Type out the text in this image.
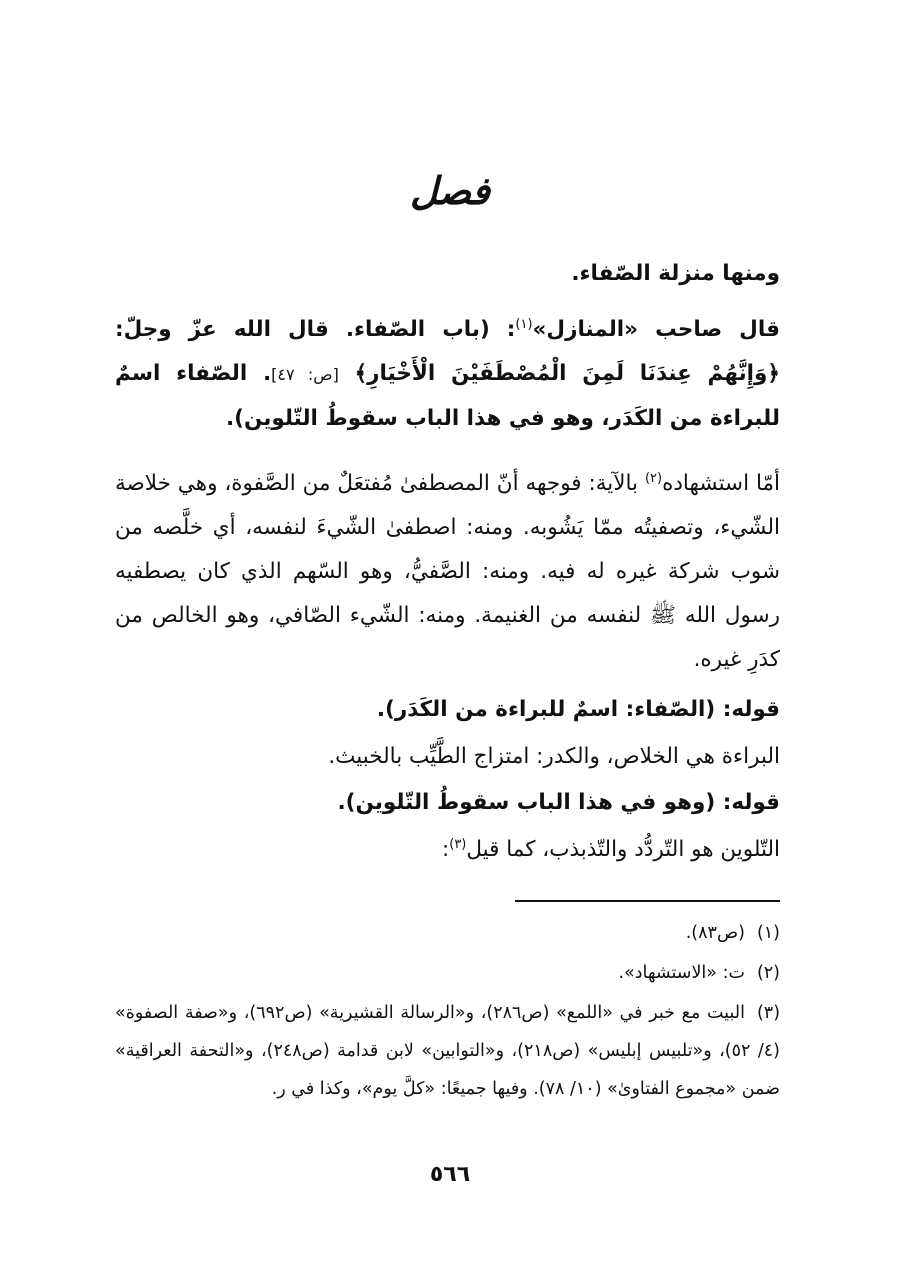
فصل
ومنها منزلة الصّفاء.
قال صاحب «المنازل»$^{(١)}$: (باب الصّفاء. قال الله عزّ وجلّ: ﴿وَإِنَّهُمْ عِندَنَا لَمِنَ الْمُصْطَفَيْنَ الْأَخْيَارِ﴾ [ص: ٤٧]. الصّفاء اسمٌ للبراءة من الكَدَر، وهو في هذا الباب سقوطُ التّلوين).
أمّا استشهاده$^{(٢)}$ بالآية: فوجهه أنّ المصطفىٰ مُفتعَلٌ من الصَّفوة، وهي خلاصة الشّيء، وتصفيتُه ممّا يَشُوبه. ومنه: اصطفىٰ الشّيءَ لنفسه، أي خلَّصه من شوب شركة غيره له فيه. ومنه: الصَّفيُّ، وهو السّهم الذي كان يصطفيه رسول الله ﷺ لنفسه من الغنيمة. ومنه: الشّيء الصّافي، وهو الخالص من كدَرِ غيره.
قوله: (الصّفاء: اسمٌ للبراءة من الكَدَر).
البراءة هي الخلاص، والكدر: امتزاج الطَّيِّب بالخبيث.
قوله: (وهو في هذا الباب سقوطُ التّلوين).
التّلوين هو التّردُّد والتّذبذب، كما قيل$^{(٣)}$:
(١)(ص٨٣).
(٢)ت: «الاستشهاد».
(٣)البيت مع خبر في «اللمع» (ص٢٨٦)، و«الرسالة القشيرية» (ص٦٩٢)، و«صفة الصفوة» (٤/ ٥٢)، و«تلبيس إبليس» (ص٢١٨)، و«التوابين» لابن قدامة (ص٢٤٨)، و«التحفة العراقية» ضمن «مجموع الفتاوىٰ» (١٠/ ٧٨). وفيها جميعًا: «كلَّ يوم»، وكذا في ر.
٥٦٦
